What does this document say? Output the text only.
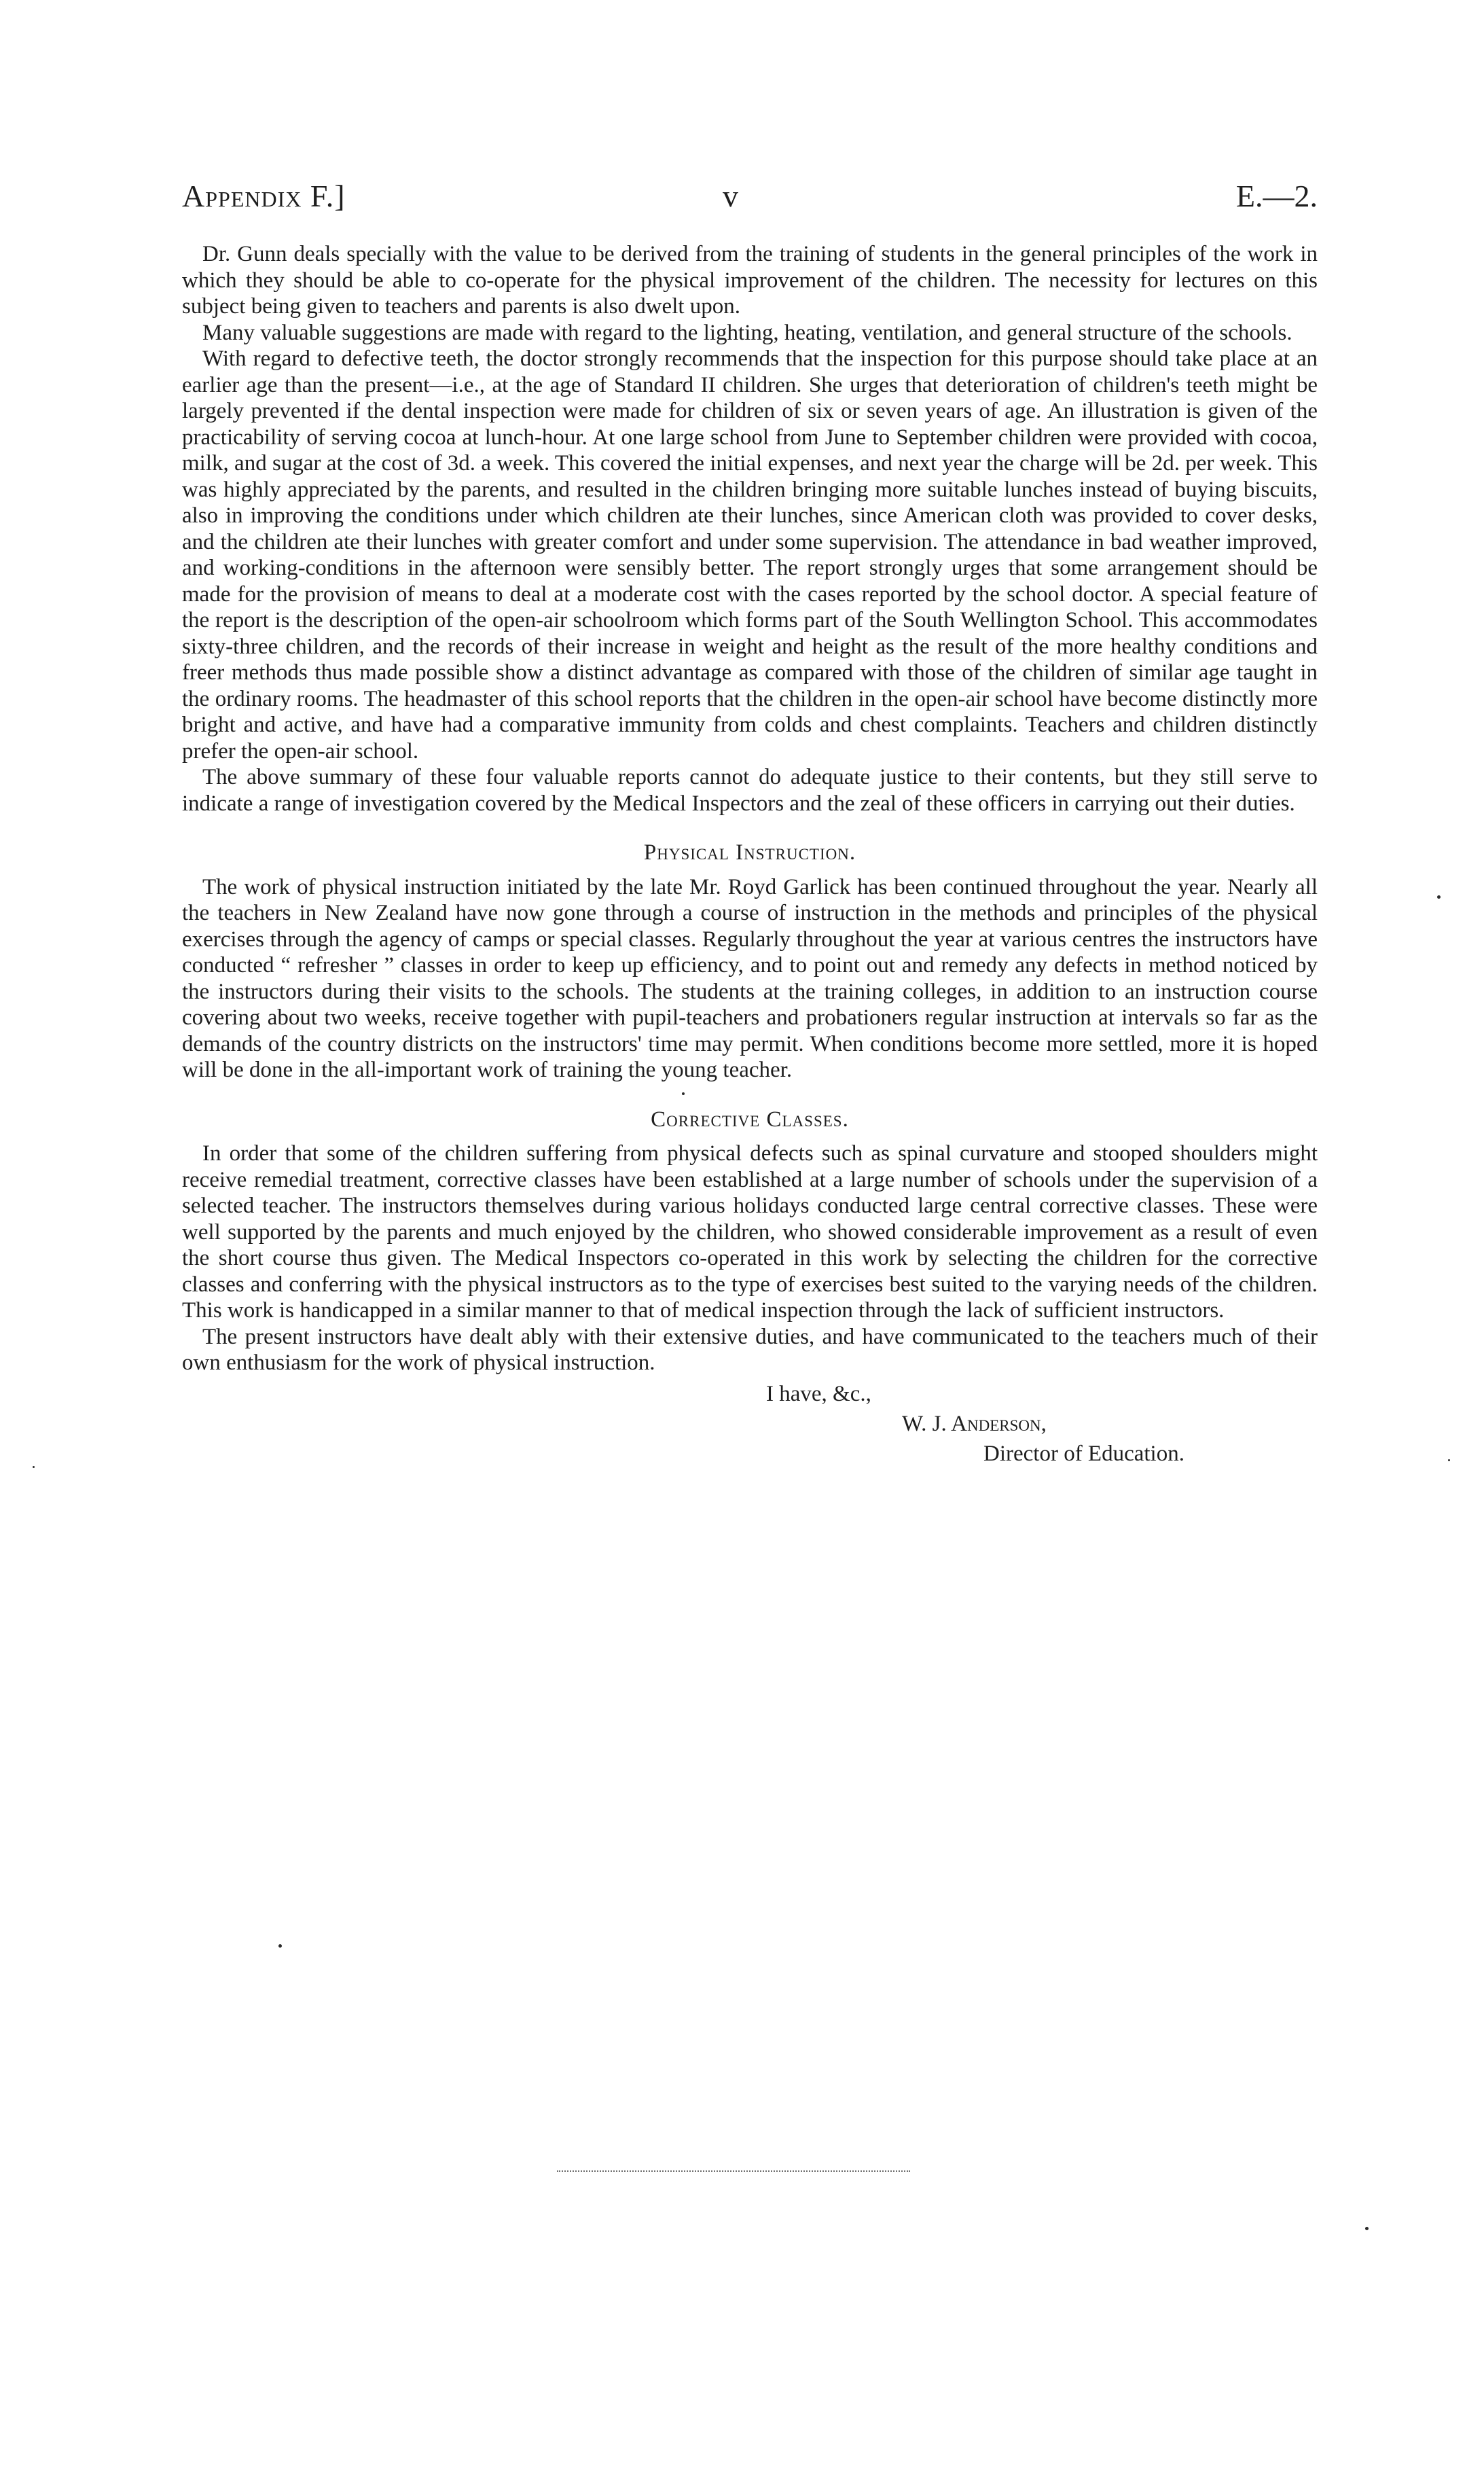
Appendix F.]	v	E.—2.

Dr. Gunn deals specially with the value to be derived from the training of students in the general principles of the work in which they should be able to co-operate for the physical improvement of the children. The necessity for lectures on this subject being given to teachers and parents is also dwelt upon.

Many valuable suggestions are made with regard to the lighting, heating, ventilation, and general structure of the schools.

With regard to defective teeth, the doctor strongly recommends that the inspection for this purpose should take place at an earlier age than the present—i.e., at the age of Standard II children. She urges that deterioration of children's teeth might be largely prevented if the dental inspection were made for children of six or seven years of age. An illustration is given of the practicability of serving cocoa at lunch-hour. At one large school from June to September children were provided with cocoa, milk, and sugar at the cost of 3d. a week. This covered the initial expenses, and next year the charge will be 2d. per week. This was highly appreciated by the parents, and resulted in the children bringing more suitable lunches instead of buying biscuits, also in improving the conditions under which children ate their lunches, since American cloth was provided to cover desks, and the children ate their lunches with greater comfort and under some supervision. The attendance in bad weather improved, and working-conditions in the afternoon were sensibly better. The report strongly urges that some arrangement should be made for the provision of means to deal at a moderate cost with the cases reported by the school doctor. A special feature of the report is the description of the open-air schoolroom which forms part of the South Wellington School. This accommodates sixty-three children, and the records of their increase in weight and height as the result of the more healthy conditions and freer methods thus made possible show a distinct advantage as compared with those of the children of similar age taught in the ordinary rooms. The headmaster of this school reports that the children in the open-air school have become distinctly more bright and active, and have had a comparative immunity from colds and chest complaints. Teachers and children distinctly prefer the open-air school.

The above summary of these four valuable reports cannot do adequate justice to their contents, but they still serve to indicate a range of investigation covered by the Medical Inspectors and the zeal of these officers in carrying out their duties.

Physical Instruction.

The work of physical instruction initiated by the late Mr. Royd Garlick has been continued throughout the year. Nearly all the teachers in New Zealand have now gone through a course of instruction in the methods and principles of the physical exercises through the agency of camps or special classes. Regularly throughout the year at various centres the instructors have conducted “ refresher ” classes in order to keep up efficiency, and to point out and remedy any defects in method noticed by the instructors during their visits to the schools. The students at the training colleges, in addition to an instruction course covering about two weeks, receive together with pupil-teachers and probationers regular instruction at intervals so far as the demands of the country districts on the instructors' time may permit. When conditions become more settled, more it is hoped will be done in the all-important work of training the young teacher.

Corrective Classes.

In order that some of the children suffering from physical defects such as spinal curvature and stooped shoulders might receive remedial treatment, corrective classes have been established at a large number of schools under the supervision of a selected teacher. The instructors themselves during various holidays conducted large central corrective classes. These were well supported by the parents and much enjoyed by the children, who showed considerable improvement as a result of even the short course thus given. The Medical Inspectors co-operated in this work by selecting the children for the corrective classes and conferring with the physical instructors as to the type of exercises best suited to the varying needs of the children. This work is handicapped in a similar manner to that of medical inspection through the lack of sufficient instructors.

The present instructors have dealt ably with their extensive duties, and have communicated to the teachers much of their own enthusiasm for the work of physical instruction.

I have, &c.,
W. J. Anderson,
Director of Education.
